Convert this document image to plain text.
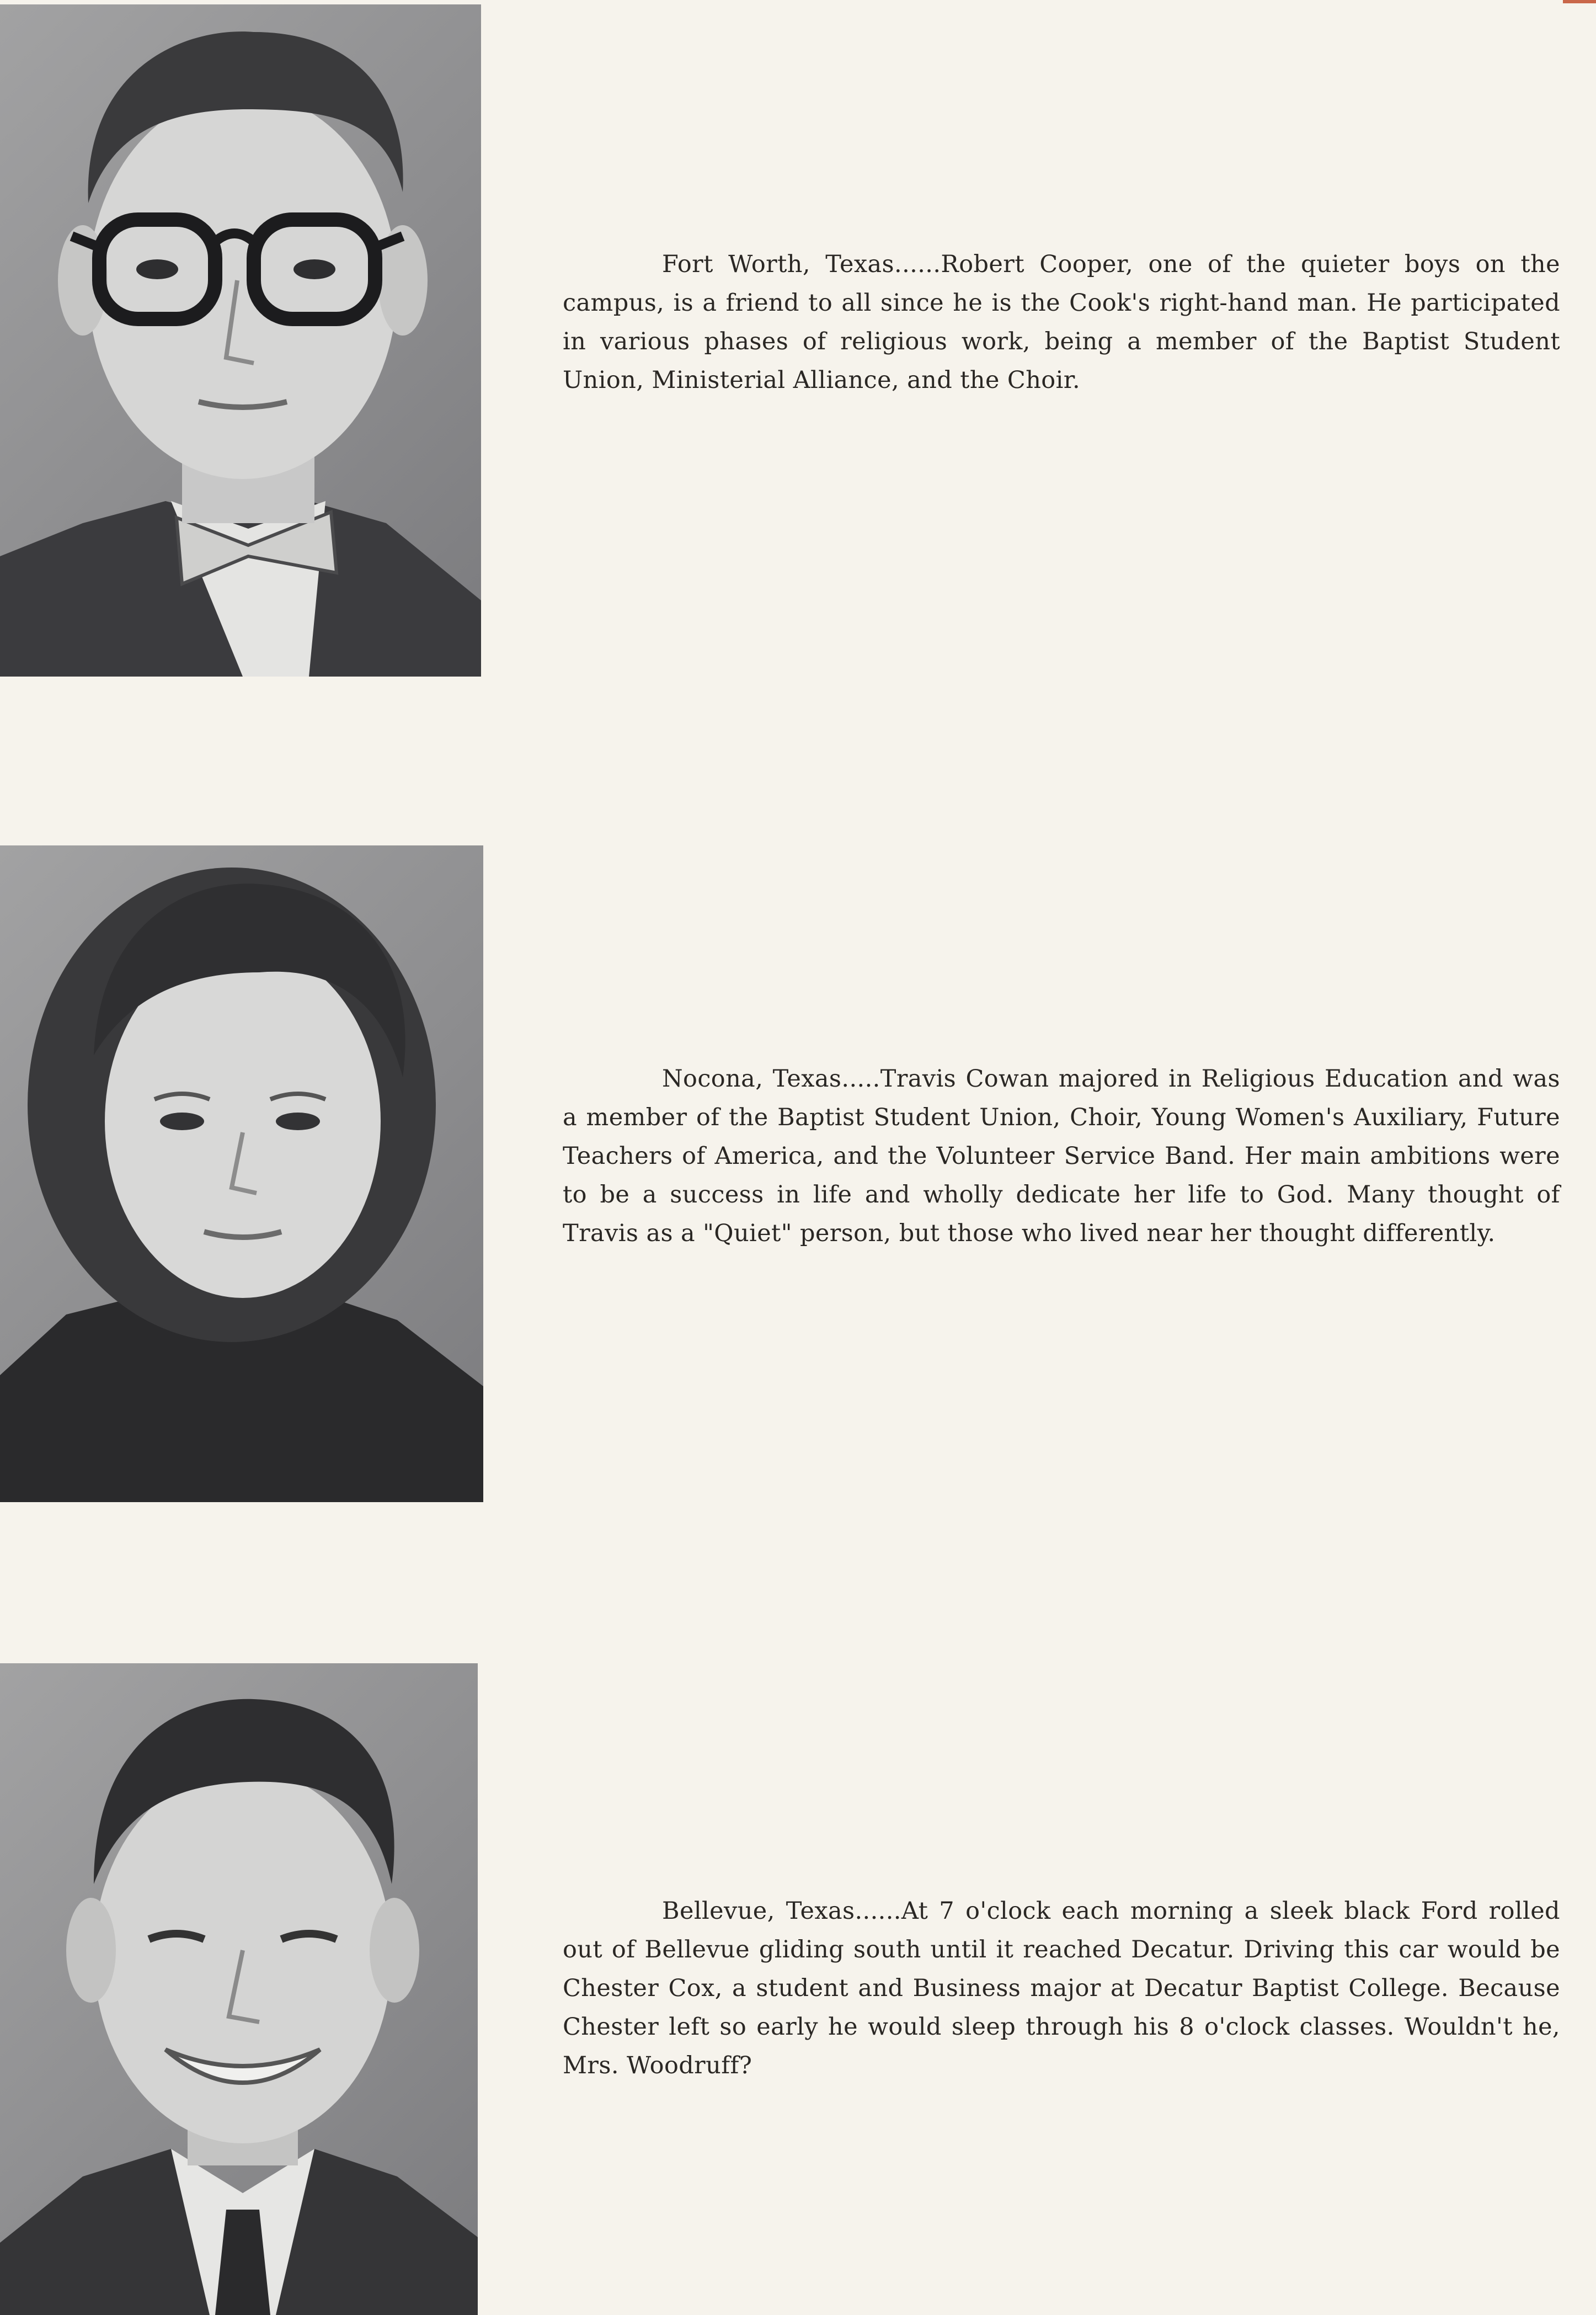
Fort Worth, Texas......Robert Cooper, one of the quieter boys on the campus, is a friend to all since he is the Cook's right-hand man. He participated in various phases of religious work, being a member of the Baptist Student Union, Ministerial Alliance, and the Choir.

Nocona, Texas.....Travis Cowan majored in Religious Education and was a member of the Baptist Student Union, Choir, Young Women's Auxiliary, Future Teachers of America, and the Volunteer Service Band. Her main ambitions were to be a success in life and wholly dedicate her life to God. Many thought of Travis as a "Quiet" person, but those who lived near her thought differently.

Bellevue, Texas......At 7 o'clock each morning a sleek black Ford rolled out of Bellevue gliding south until it reached Decatur. Driving this car would be Chester Cox, a student and Business major at Decatur Baptist College. Because Chester left so early he would sleep through his 8 o'clock classes. Wouldn't he, Mrs. Woodruff?
